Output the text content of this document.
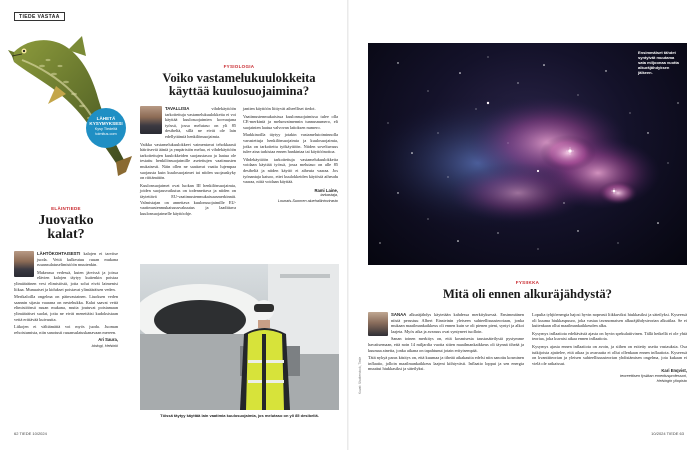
TIEDE VASTAA
LÄHETÄ
KYSYMYKSESI
Kysy Tiedeltä
toimitus.com
ELÄINTIEDE
Juovatko
kalat?

LÄHTÖKOHTAISESTI kalojen ei tarvitse juoda. Vettä kulkeutuu ruuan mukana ruuansulatuselimistöön muutenkin.

Makeassa vedessä, kuten järvissä ja joissa elävien kalojen täytyy kuitenkin poistaa ylimääräinen vesi elimistöstä, jotta solut eivät laimenisi liikaa. Munuaiset ja kidukset poistavat ylimääräisen veden.

Merikaloilla ongelma on päinvastainen. Liuoksen veden saannin sijasta vaarana on nestehukka. Kalat saavat vettä elimistöönsä ruuan mukana, mutta joutuvat poistamaan ylimääräiset suolat, jotta ne eivät menettäisi kudoksistaan vettä erittävää kuivuutta.

Liikojen ei välttämättä voi myös juoda. Juoman rehoistumista, niin sanotusti ruuansulatuskanavaan mereen.

Ari Saura,
biologi, Helsinki
FYSIOLOGIA
Voiko vastamelukuulokkeita
käyttää kuulosuojaimina?

TAVALLISIA	vihdekäyttöön tarkoitettuja vastamelukuulokkeita ei voi käyttää kuulosuojaimien korvaajana työssä, jossa melutaso on yli 85 desibeliä, sillä ne eivät ole lain edellyttämiä henkilönsuojaimia.

Vaikka vastamelukuulokkeet vaimentavat tehokkaasti häiritseviä ääniä ja ympäristön melua, ei vihdekäyttöön tarkoitettujen kuulokkeiden suojaustasoa ja laatua ole testattu henkilönsuojaimille asetettujen vaatimusten mukaisesti. Näin ollen ne saattavat vaatia lujempaa suojausta kuin kuulosuojaimet tai niiden suojauskyky on riittämätön.

Kuulonsuojaimet ovat luokan III henkilönsuojaimia, joiden suojausvaikutus on todennettava ja niiden on täytettävä EU-vaatimustenmukaisuusmerkinnät. Valmistajan on annettava kuulonsuojaimille EU-vaatimustenmukaisuusvakuutus ja laadittava kuulonsuojaimelle käyttöohje.

jantien käyttöön liittyvät aiheelliset tiedot.

Vaatimustenmukaisissa kuulonsuojaimissa tulee olla CE-merkintä ja melunvaimennin tunnusnumero, eli suojainten laatua valvovan laitoksen numero.

Markkinoilla täytyy jotakin vastamelutoiminnolla varustettuja henkilönsuojaimia ja kuulosuojaimia, jotka on tarkoitettu työkäyttöön. Niiden soveltuvuus tulee aina tarkistaa ennen hankintaa tai käyttöönottoa.

Vihdekäyttöön tarkoitettuja vastamelukuulokkeita voidaan käyttää työssä, jossa melutaso on alle 85 desibeliä ja niiden käyttö ei aiheuta vaaraa. Jos työnantaja katsoo, ettei kuulokkeiden käytöstä aiheudu vaaraa, niitä voidaan käyttää.

Rami Laine,
tarkastaja,
Lounais-Suomen aluehallintovirasto
Töissä täytyy käyttää lain vaatimia kuulosuojaimia, jos melutaso on yli 85 desibeliä.
62 TIEDE 10/2024
Kuvat: Shutterstock, Tiede
Ensimmäiset tähdet syntyivät muutama sata miljoonaa vuotta alkuräjähdyksen jälkeen.
FYSIIKKA
Mitä oli ennen alkuräjähdystä?

SANAA alkuräjähdys käytetään kahdessa merkityksessä. Ensimmäinen niistä perustuu Albert Einsteinin yleiseen suhteellisuusteoriaan, jonka mukaan maailmankaikkeus oli ennen kuin se oli pienen pieni, syntyi ja alkoi laajeta. Myös aika ja avaruus ovat syntyneet tuolloin.

Sanan toinen merkitys on, että kosmisesta taustasäteilystä pystymme havaitsemaan, että noin 14 miljardia vuotta sitten maailmankaikkeus oli täynnä tiheää ja kuumaa ainetta, jonka aikana on tapahtunut jotain erityisempää.

Tätä nykyä paras käsitys on, että kuumaa ja tiheää aikakautta edelsi niin sanottu kosminen inflaatio, jolloin maailmankaikkeus laajeni kiihtyvästi. Inflaatio loppui ja sen energia muuttui hiukkasiksi ja säteilyksi.

Lopulta tyhjiöenergia hajosi hyvin nopeasti liikkuviksi hiukkasiksi ja säteilyksi. Kyseessä oli kuuma hiukkaspuuro, joka vastaa tavanomaisen alkuräjähdysteorian alkutilaa. Se ei kuitenkaan ollut maailmankaikkeuden alku.

Kysymys inflaatiota edeltävästä ajasta on hyvin spekulatiivinen. Tällä hetkellä ei ole yhtä teoriaa, joka kuvaisi aikaa ennen inflaatiota.

Kysymys ajasta ennen inflaatiota on avoin, ja siihen on esitetty useita vastauksia. Osa tutkijoista ajattelee, että aikaa ja avaruutta ei ollut ollenkaan ennen inflaatiota. Kyseessä on kvanttiteorian ja yleisen suhteellisuusteorian yhdistämisen ongelma, jota kukaan ei vielä ole ratkaissut.

Kari Enqvist,
teoreettisen fysiikan emeritusprofessori,
Helsingin yliopisto
10/2024 TIEDE 63
